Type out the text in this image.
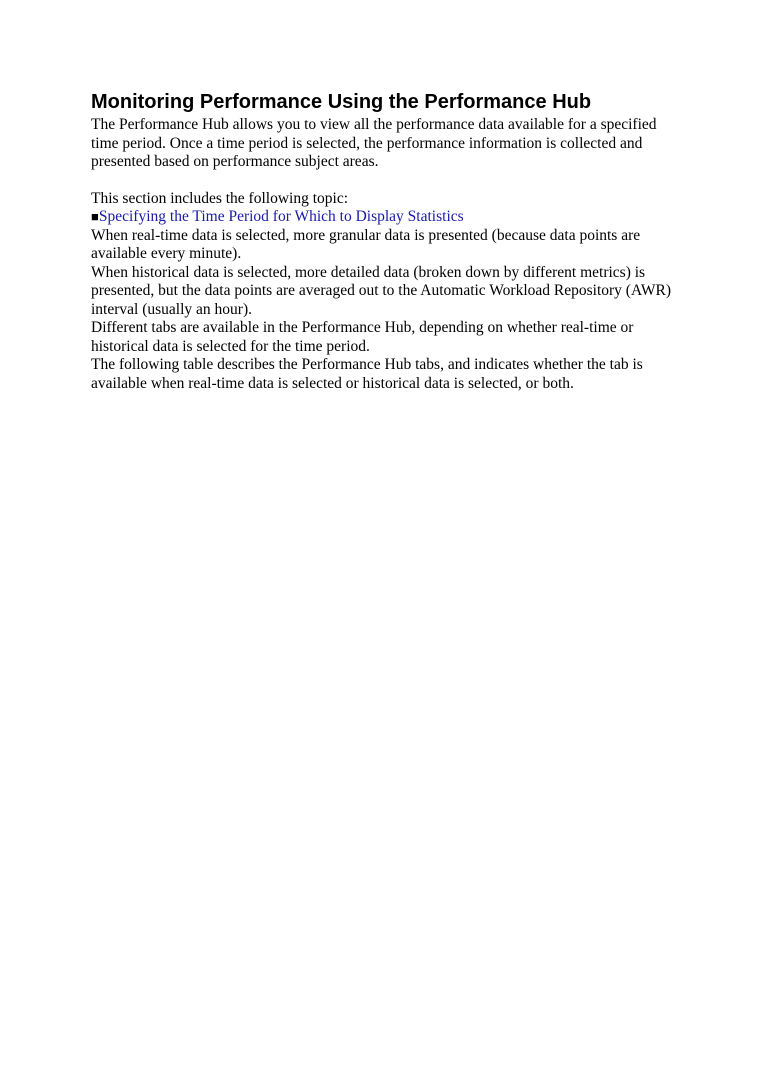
Monitoring Performance Using the Performance Hub

The Performance Hub allows you to view all the performance data available for a specified time period. Once a time period is selected, the performance information is collected and presented based on performance subject areas.

This section includes the following topic:

■Specifying the Time Period for Which to Display Statistics

When real-time data is selected, more granular data is presented (because data points are available every minute).

When historical data is selected, more detailed data (broken down by different metrics) is presented, but the data points are averaged out to the Automatic Workload Repository (AWR) interval (usually an hour).

Different tabs are available in the Performance Hub, depending on whether real-time or historical data is selected for the time period.

The following table describes the Performance Hub tabs, and indicates whether the tab is available when real-time data is selected or historical data is selected, or both.
